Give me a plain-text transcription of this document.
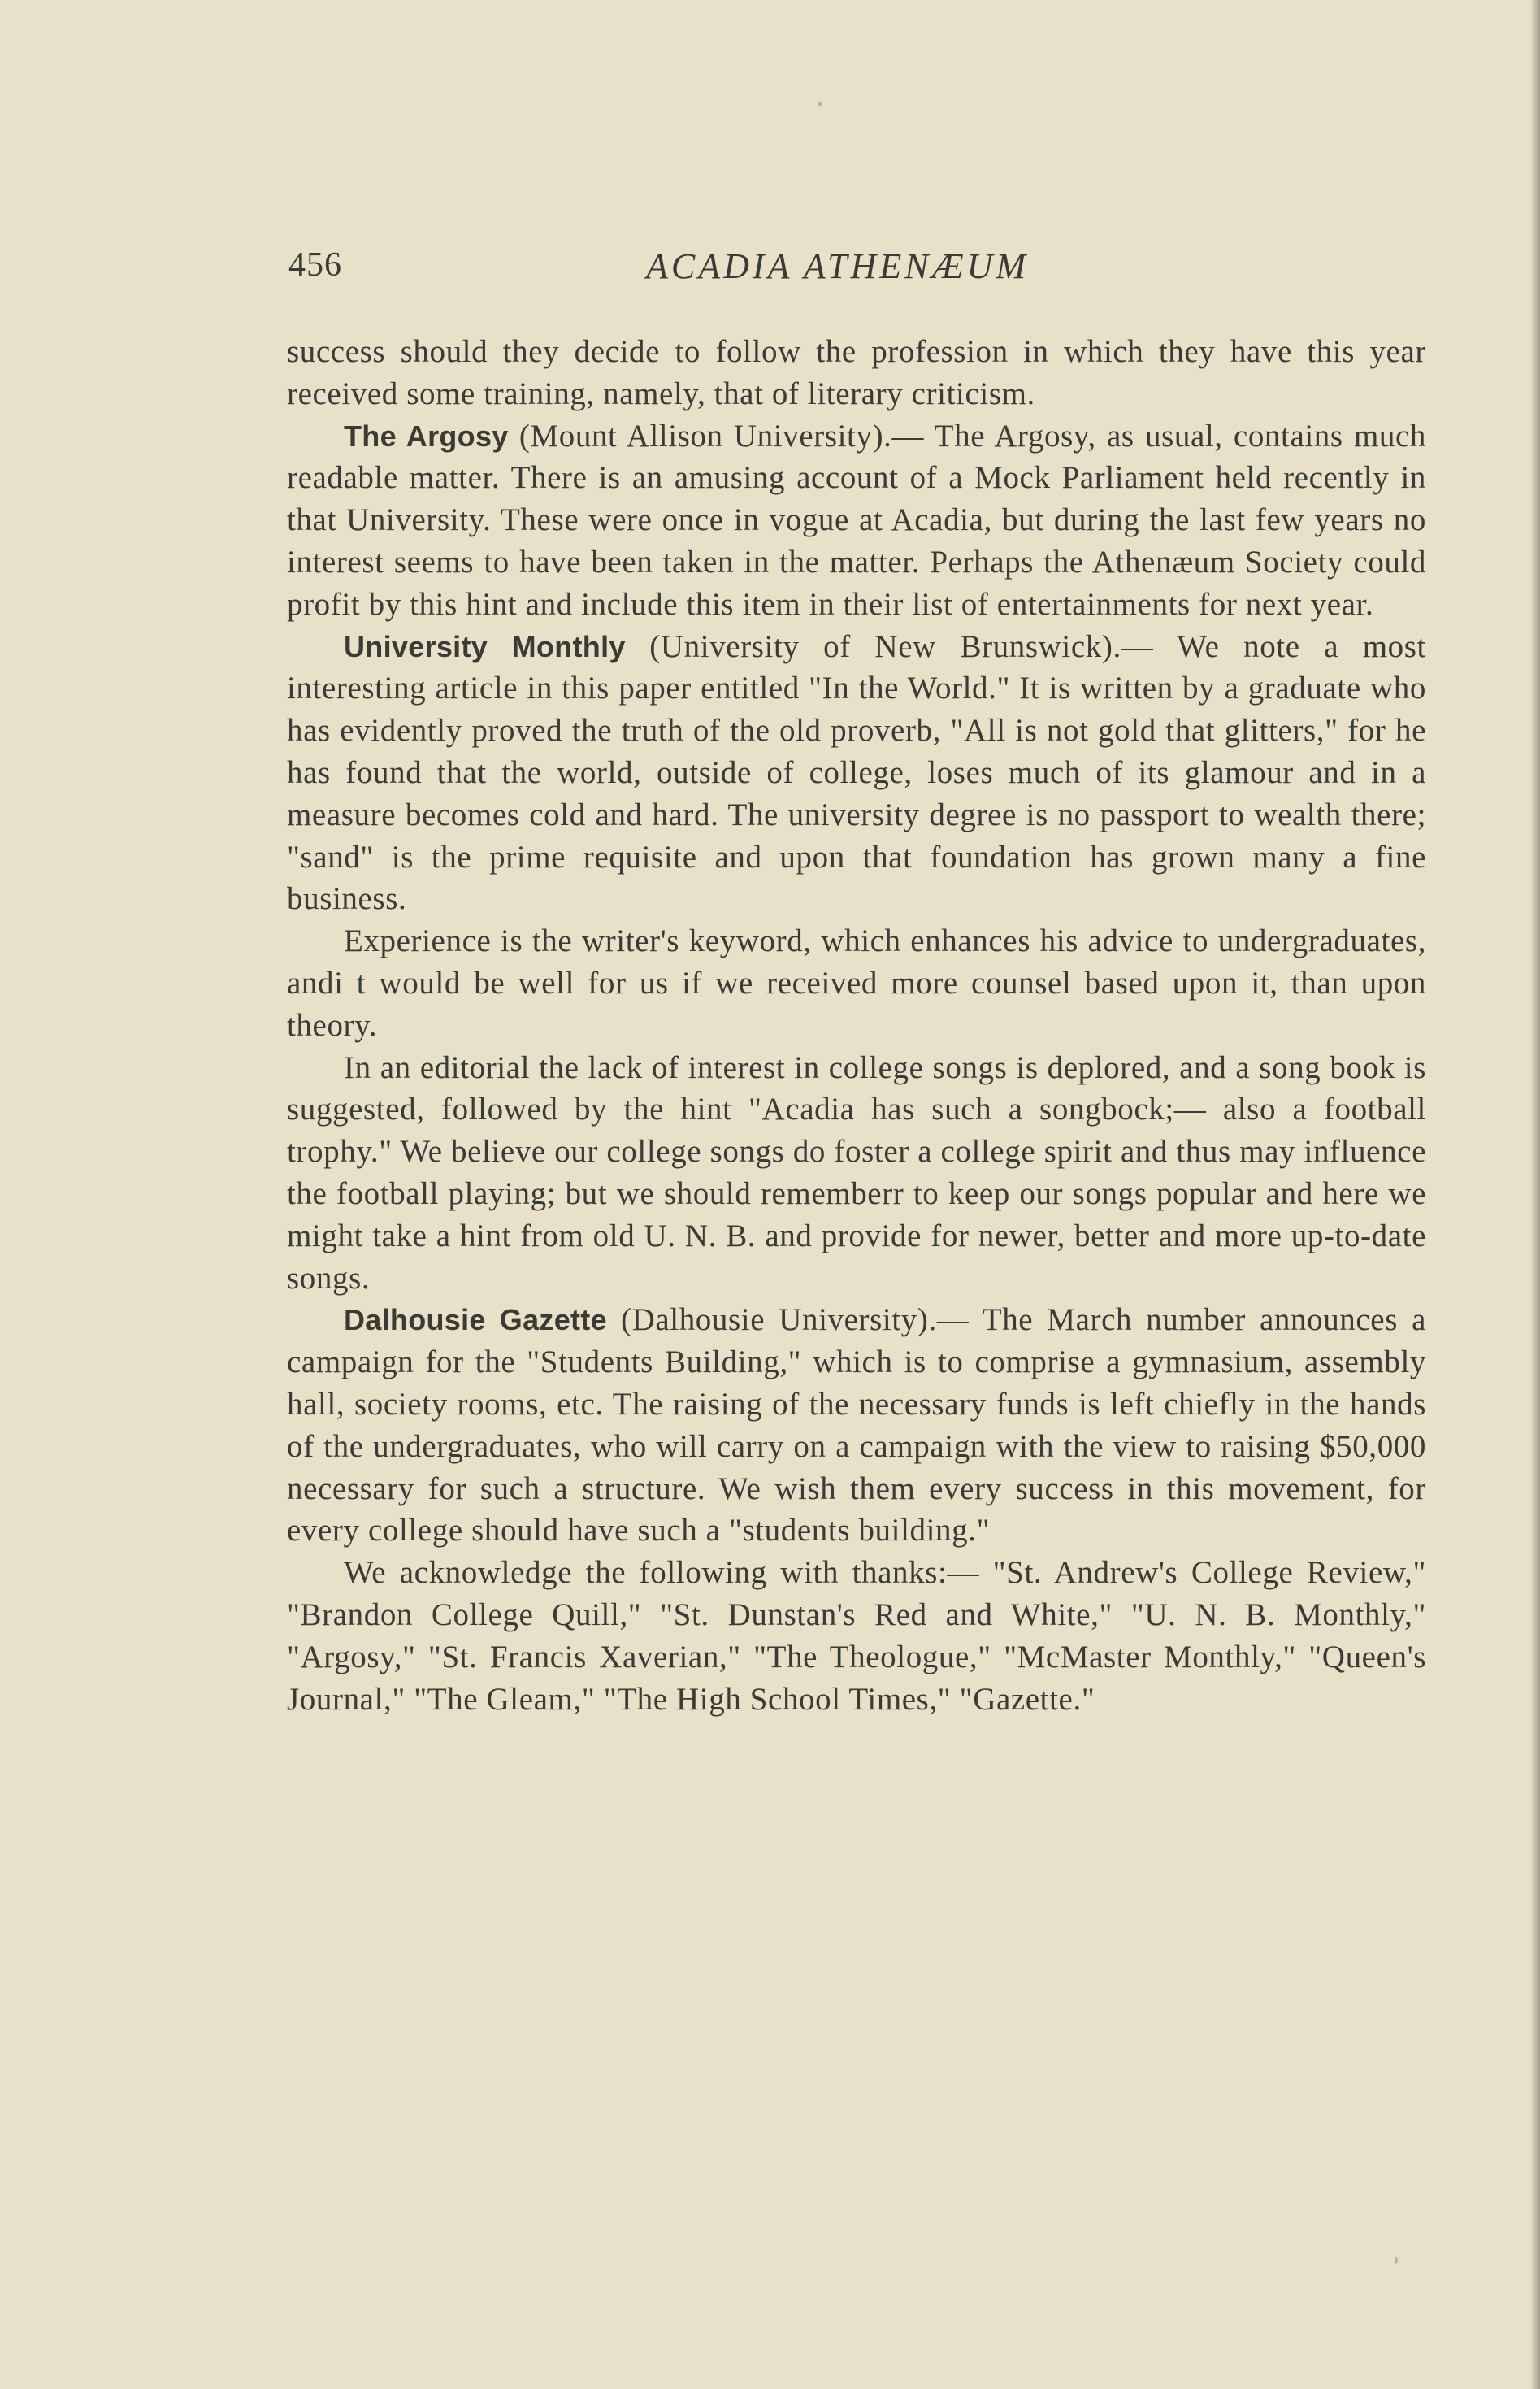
456	ACADIA ATHENÆUM

success should they decide to follow the profession in which they have this year received some training, namely, that of literary criticism.

The Argosy (Mount Allison University).— The Argosy, as usual, contains much readable matter. There is an amusing account of a Mock Parliament held recently in that University. These were once in vogue at Acadia, but during the last few years no interest seems to have been taken in the matter. Perhaps the Athenæum Society could profit by this hint and include this item in their list of entertainments for next year.

University Monthly (University of New Brunswick).— We note a most interesting article in this paper entitled "In the World." It is written by a graduate who has evidently proved the truth of the old proverb, "All is not gold that glitters," for he has found that the world, outside of college, loses much of its glamour and in a measure becomes cold and hard. The university degree is no passport to wealth there; "sand" is the prime requisite and upon that foundation has grown many a fine business.

Experience is the writer's keyword, which enhances his advice to undergraduates, andi t would be well for us if we received more counsel based upon it, than upon theory.

In an editorial the lack of interest in college songs is deplored, and a song book is suggested, followed by the hint "Acadia has such a songbock;— also a football trophy." We believe our college songs do foster a college spirit and thus may influence the football playing; but we should rememberr to keep our songs popular and here we might take a hint from old U. N. B. and provide for newer, better and more up-to-date songs.

Dalhousie Gazette (Dalhousie University).— The March number announces a campaign for the "Students Building," which is to comprise a gymnasium, assembly hall, society rooms, etc. The raising of the necessary funds is left chiefly in the hands of the undergraduates, who will carry on a campaign with the view to raising $50,000 necessary for such a structure. We wish them every success in this movement, for every college should have such a "students building."

We acknowledge the following with thanks:— "St. Andrew's College Review," "Brandon College Quill," "St. Dunstan's Red and White," "U. N. B. Monthly," "Argosy," "St. Francis Xaverian," "The Theologue," "McMaster Monthly," "Queen's Journal," "The Gleam," "The High School Times," "Gazette."
